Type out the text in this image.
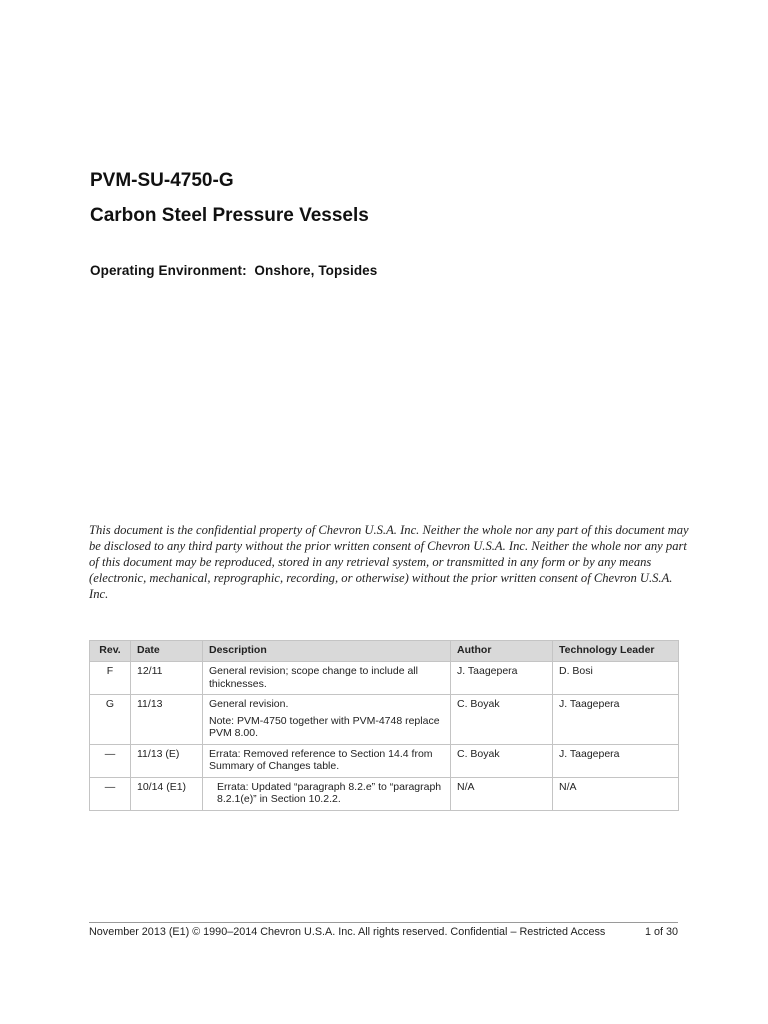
PVM-SU-4750-G
Carbon Steel Pressure Vessels
Operating Environment: Onshore, Topsides
This document is the confidential property of Chevron U.S.A. Inc. Neither the whole nor any part of this document may be disclosed to any third party without the prior written consent of Chevron U.S.A. Inc. Neither the whole nor any part of this document may be reproduced, stored in any retrieval system, or transmitted in any form or by any means (electronic, mechanical, reprographic, recording, or otherwise) without the prior written consent of Chevron U.S.A. Inc.
Rev.	Date	Description	Author	Technology Leader
F	12/11	General revision; scope change to include all thicknesses.	J. Taagepera	D. Bosi
G	11/13	General revision.
Note: PVM-4750 together with PVM-4748 replace PVM 8.00.	C. Boyak	J. Taagepera
—	11/13 (E)	Errata: Removed reference to Section 14.4 from Summary of Changes table.	C. Boyak	J. Taagepera
—	10/14 (E1)	Errata: Updated “paragraph 8.2.e” to “paragraph 8.2.1(e)” in Section 10.2.2.	N/A	N/A
November 2013 (E1) © 1990–2014 Chevron U.S.A. Inc. All rights reserved. Confidential – Restricted Access	1 of 30
